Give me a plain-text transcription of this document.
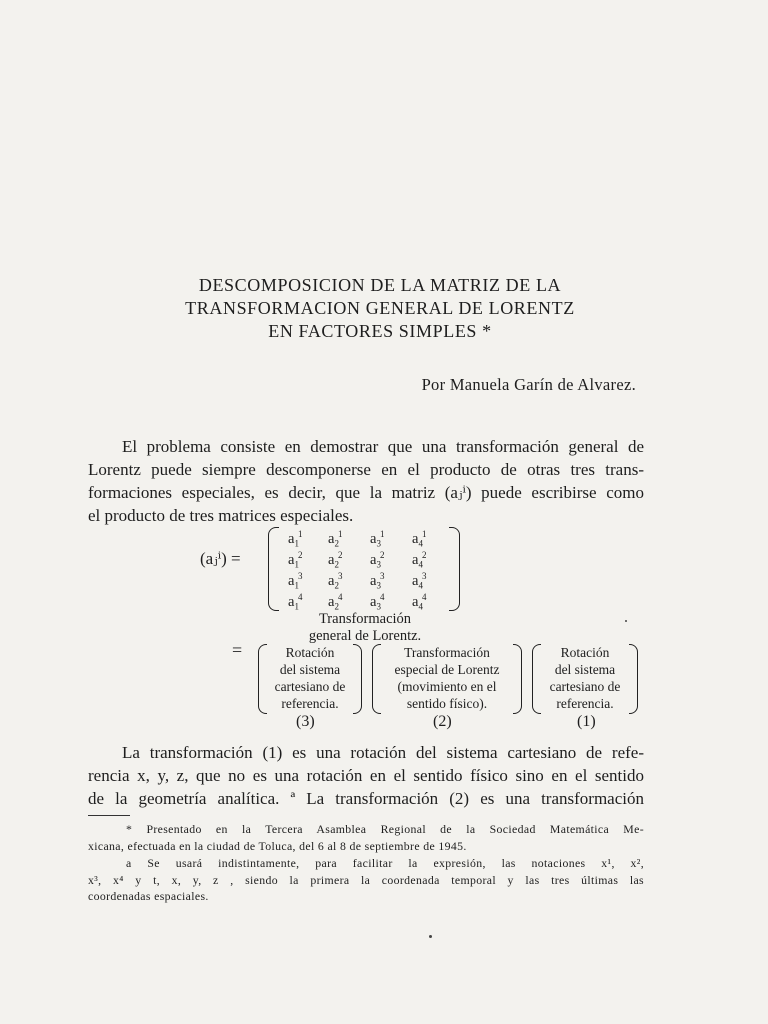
DESCOMPOSICION DE LA MATRIZ DE LA
TRANSFORMACION GENERAL DE LORENTZ
EN FACTORES SIMPLES *
Por Manuela Garín de Alvarez.
El problema consiste en demostrar que una transformación general de
Lorentz puede siempre descomponerse en el producto de otras tres trans-
formaciones especiales, es decir, que la matriz (aⱼⁱ) puede escribirse como
el producto de tres matrices especiales.
(aⱼⁱ) =
$a_1^1$ $a_2^1$ $a_3^1$ $a_4^1$
$a_1^2$ $a_2^2$ $a_3^2$ $a_4^2$
$a_1^3$ $a_2^3$ $a_3^3$ $a_4^3$
$a_1^4$ $a_2^4$ $a_3^4$ $a_4^4$
Transformación
general de Lorentz.
=	Rotación
del sistema
cartesiano de
referencia.
(3)
Transformación
especial de Lorentz
(movimiento en el
sentido físico).
(2)
Rotación
del sistema
cartesiano de
referencia.
(1)
La transformación (1) es una rotación del sistema cartesiano de refe-
rencia x, y, z, que no es una rotación en el sentido físico sino en el sentido
de la geometría analítica. ª La transformación (2) es una transformación
* Presentado en la Tercera Asamblea Regional de la Sociedad Matemática Me-
xicana, efectuada en la ciudad de Toluca, del 6 al 8 de septiembre de 1945.
a Se usará indistintamente, para facilitar la expresión, las notaciones x¹, x²,
x³, x⁴ y t, x, y, z , siendo la primera la coordenada temporal y las tres últimas las
coordenadas espaciales.
